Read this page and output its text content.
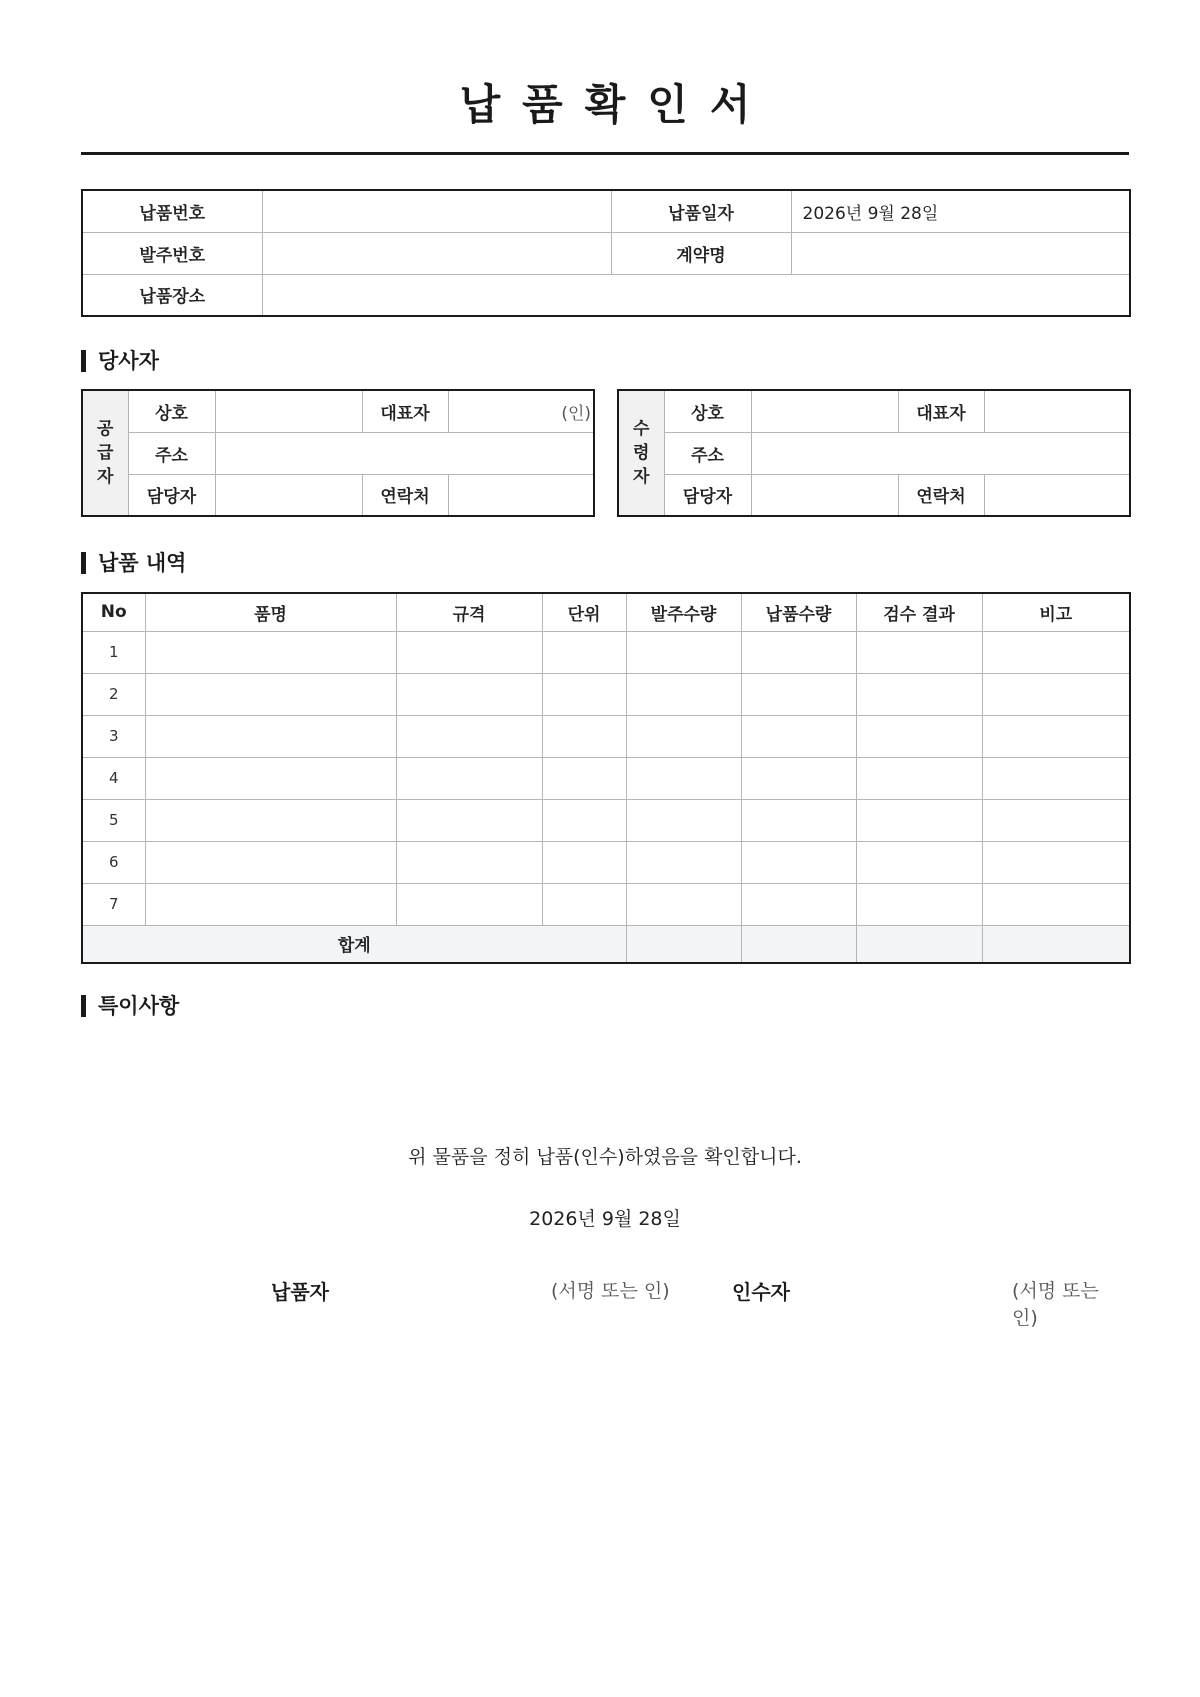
납품확인서
납품번호		납품일자	2026년 9월 28일
발주번호		계약명	
납품장소			
당사자
공
급
자	상호		대표자	(인)
	주소			
	담당자		연락처	
수
령
자	상호		대표자	
	주소			
	담당자		연락처	
납품 내역
No	품명	규격	단위	발주수량	납품수량	검수 결과	비고
1							
2							
3							
4							
5							
6							
7							
합계							
특이사항
위 물품을 정히 납품(인수)하였음을 확인합니다.
2026년 9월 28일
납품자	(서명 또는 인)	인수자	(서명 또는 인)
